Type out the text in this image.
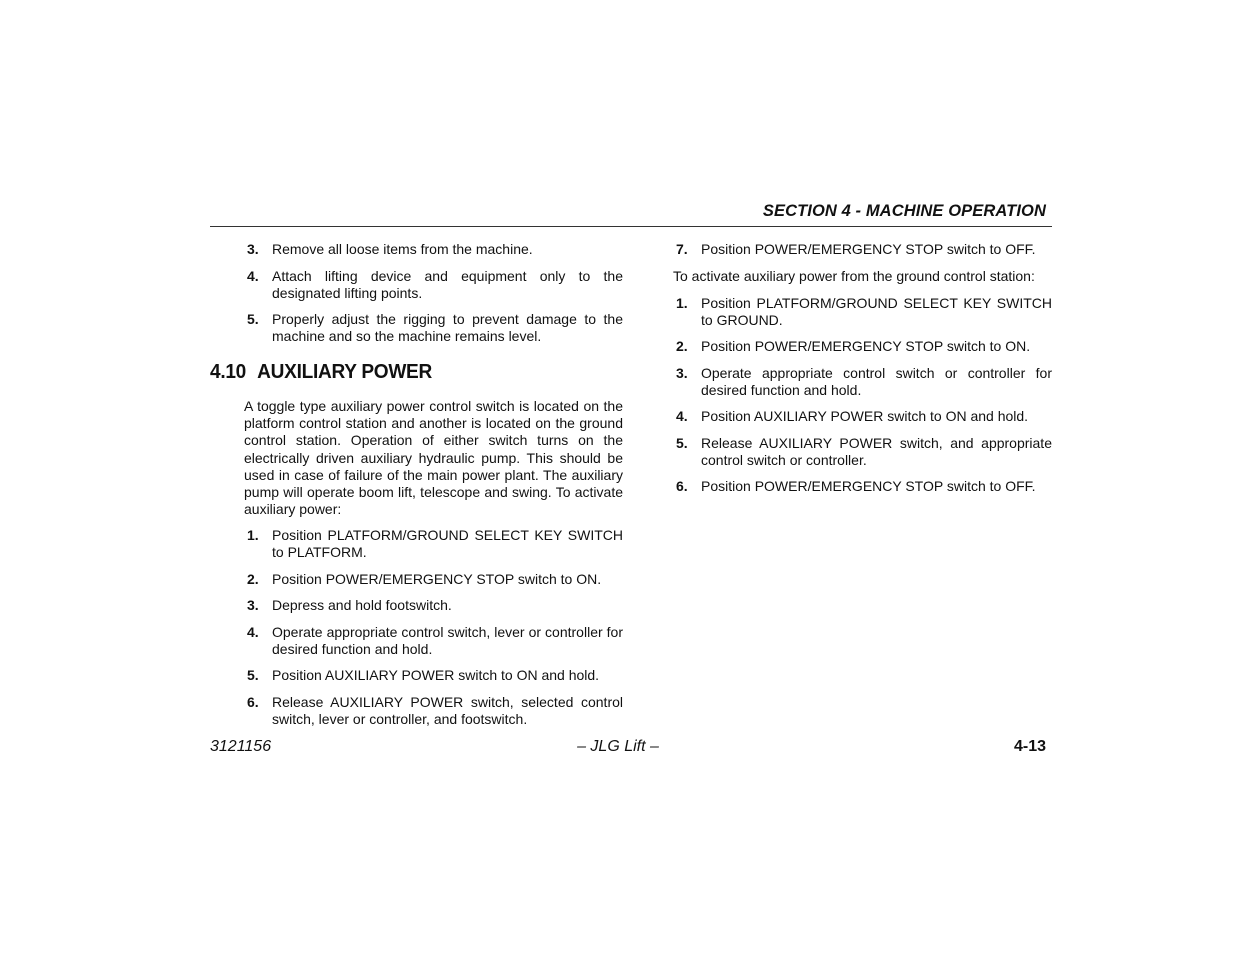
SECTION 4 - MACHINE OPERATION
3. Remove all loose items from the machine.
4. Attach lifting device and equipment only to the designated lifting points.
5. Properly adjust the rigging to prevent damage to the machine and so the machine remains level.
4.10 AUXILIARY POWER
A toggle type auxiliary power control switch is located on the platform control station and another is located on the ground control station. Operation of either switch turns on the electrically driven auxiliary hydraulic pump. This should be used in case of failure of the main power plant. The auxiliary pump will operate boom lift, telescope and swing. To activate auxiliary power:
1. Position PLATFORM/GROUND SELECT KEY SWITCH to PLATFORM.
2. Position POWER/EMERGENCY STOP switch to ON.
3. Depress and hold footswitch.
4. Operate appropriate control switch, lever or controller for desired function and hold.
5. Position AUXILIARY POWER switch to ON and hold.
6. Release AUXILIARY POWER switch, selected control switch, lever or controller, and footswitch.
7. Position POWER/EMERGENCY STOP switch to OFF.
To activate auxiliary power from the ground control station:
1. Position PLATFORM/GROUND SELECT KEY SWITCH to GROUND.
2. Position POWER/EMERGENCY STOP switch to ON.
3. Operate appropriate control switch or controller for desired function and hold.
4. Position AUXILIARY POWER switch to ON and hold.
5. Release AUXILIARY POWER switch, and appropriate control switch or controller.
6. Position POWER/EMERGENCY STOP switch to OFF.
3121156	– JLG Lift –	4-13
